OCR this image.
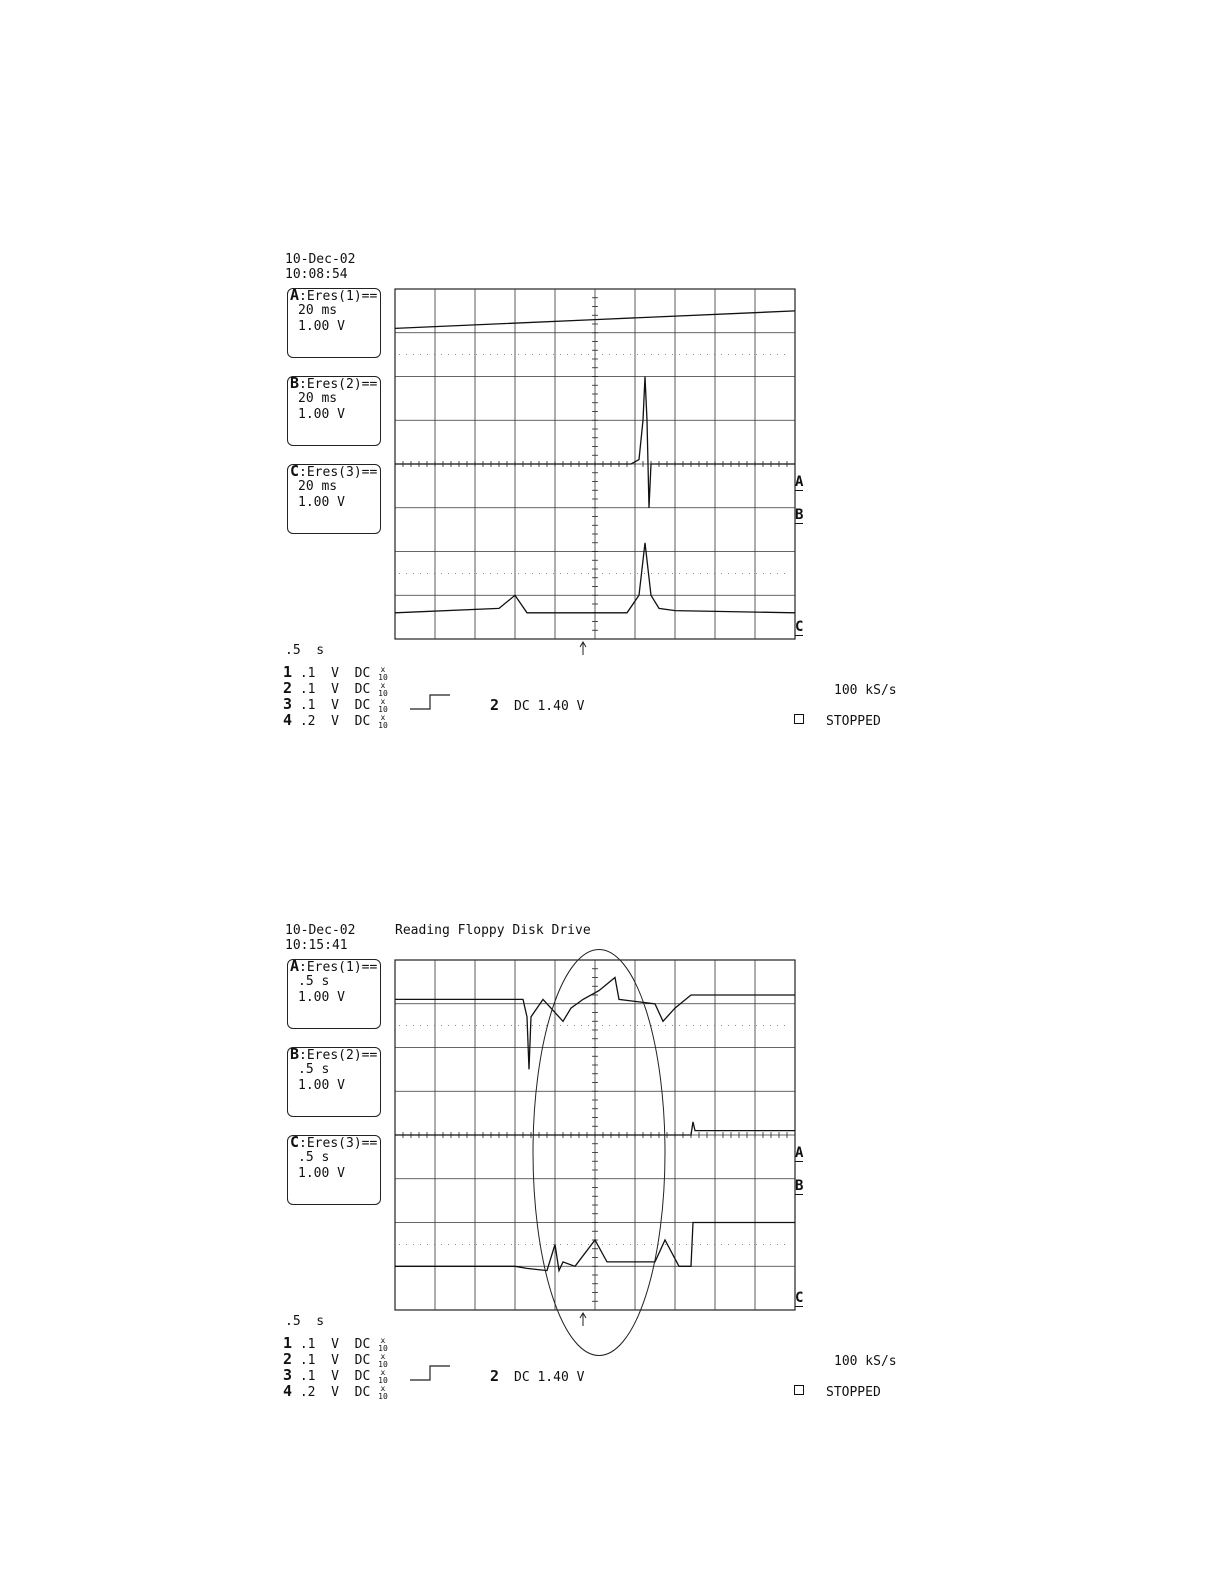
10-Dec-02
10:08:54
A:Eres(1)==
20 ms
1.00 V
B:Eres(2)==
20 ms
1.00 V
C:Eres(3)==
20 ms
1.00 V
.5  s
1 .1  V  DC x
10
2 .1  V  DC x
10
3 .1  V  DC x
10
4 .2  V  DC x
10
2 DC 1.40 V
100 kS/s
STOPPED
A
B
C
10-Dec-02
10:15:41
Reading Floppy Disk Drive
A:Eres(1)==
.5 s
1.00 V
B:Eres(2)==
.5 s
1.00 V
C:Eres(3)==
.5 s
1.00 V
.5  s
1 .1  V  DC x
10
2 .1  V  DC x
10
3 .1  V  DC x
10
4 .2  V  DC x
10
2 DC 1.40 V
100 kS/s
STOPPED
A
B
C
